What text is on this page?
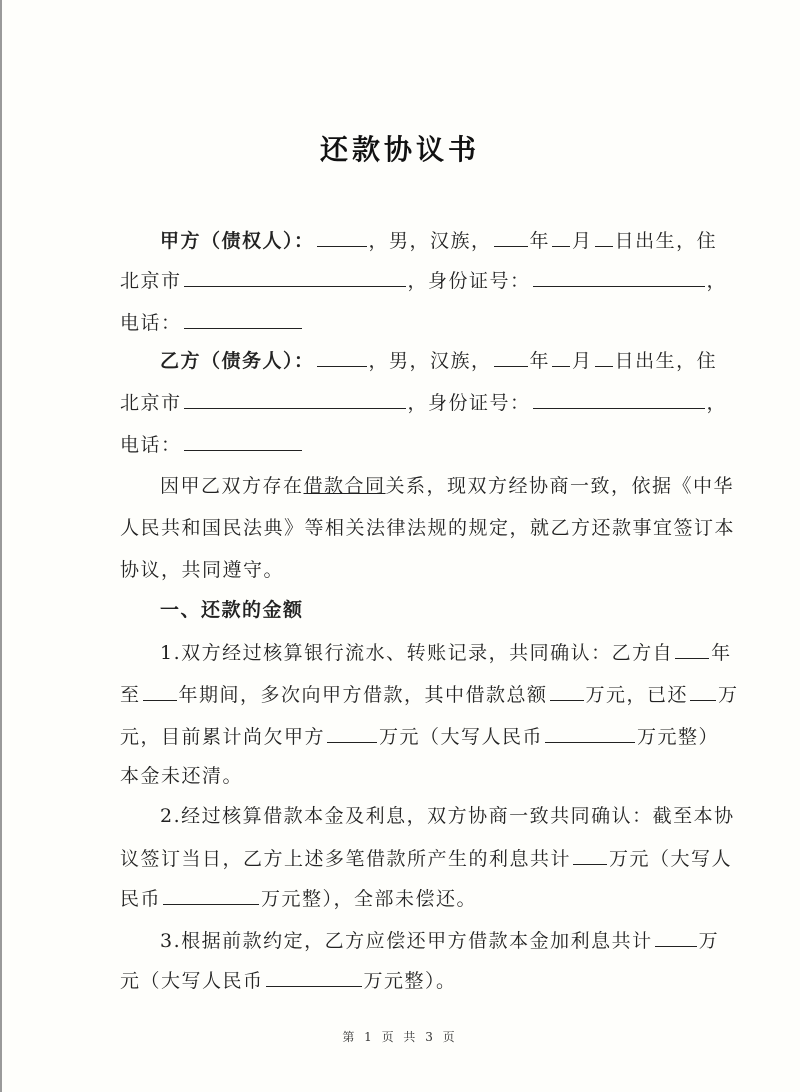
还款协议书
甲方（债权人）：	，男，汉族， 年 月 日出生，住
北京市	，身份证号：	，
电话：
乙方（债务人）：	，男，汉族， 年 月 日出生，住
北京市	，身份证号：	，
电话：
因甲乙双方存在借款合同关系，现双方经协商一致，依据《中华
人民共和国民法典》等相关法律法规的规定，就乙方还款事宜签订本
协议，共同遵守。
一、还款的金额
1.双方经过核算银行流水、转账记录，共同确认：乙方自 年
至 年期间，多次向甲方借款，其中借款总额 万元，已还 万
元，目前累计尚欠甲方	万元（大写人民币	万元整）
本金未还清。
2.经过核算借款本金及利息，双方协商一致共同确认：截至本协
议签订当日，乙方上述多笔借款所产生的利息共计 万元（大写人
民币	万元整），全部未偿还。
3.根据前款约定，乙方应偿还甲方借款本金加利息共计 万
元（大写人民币	万元整）。
第 1 页 共 3 页
